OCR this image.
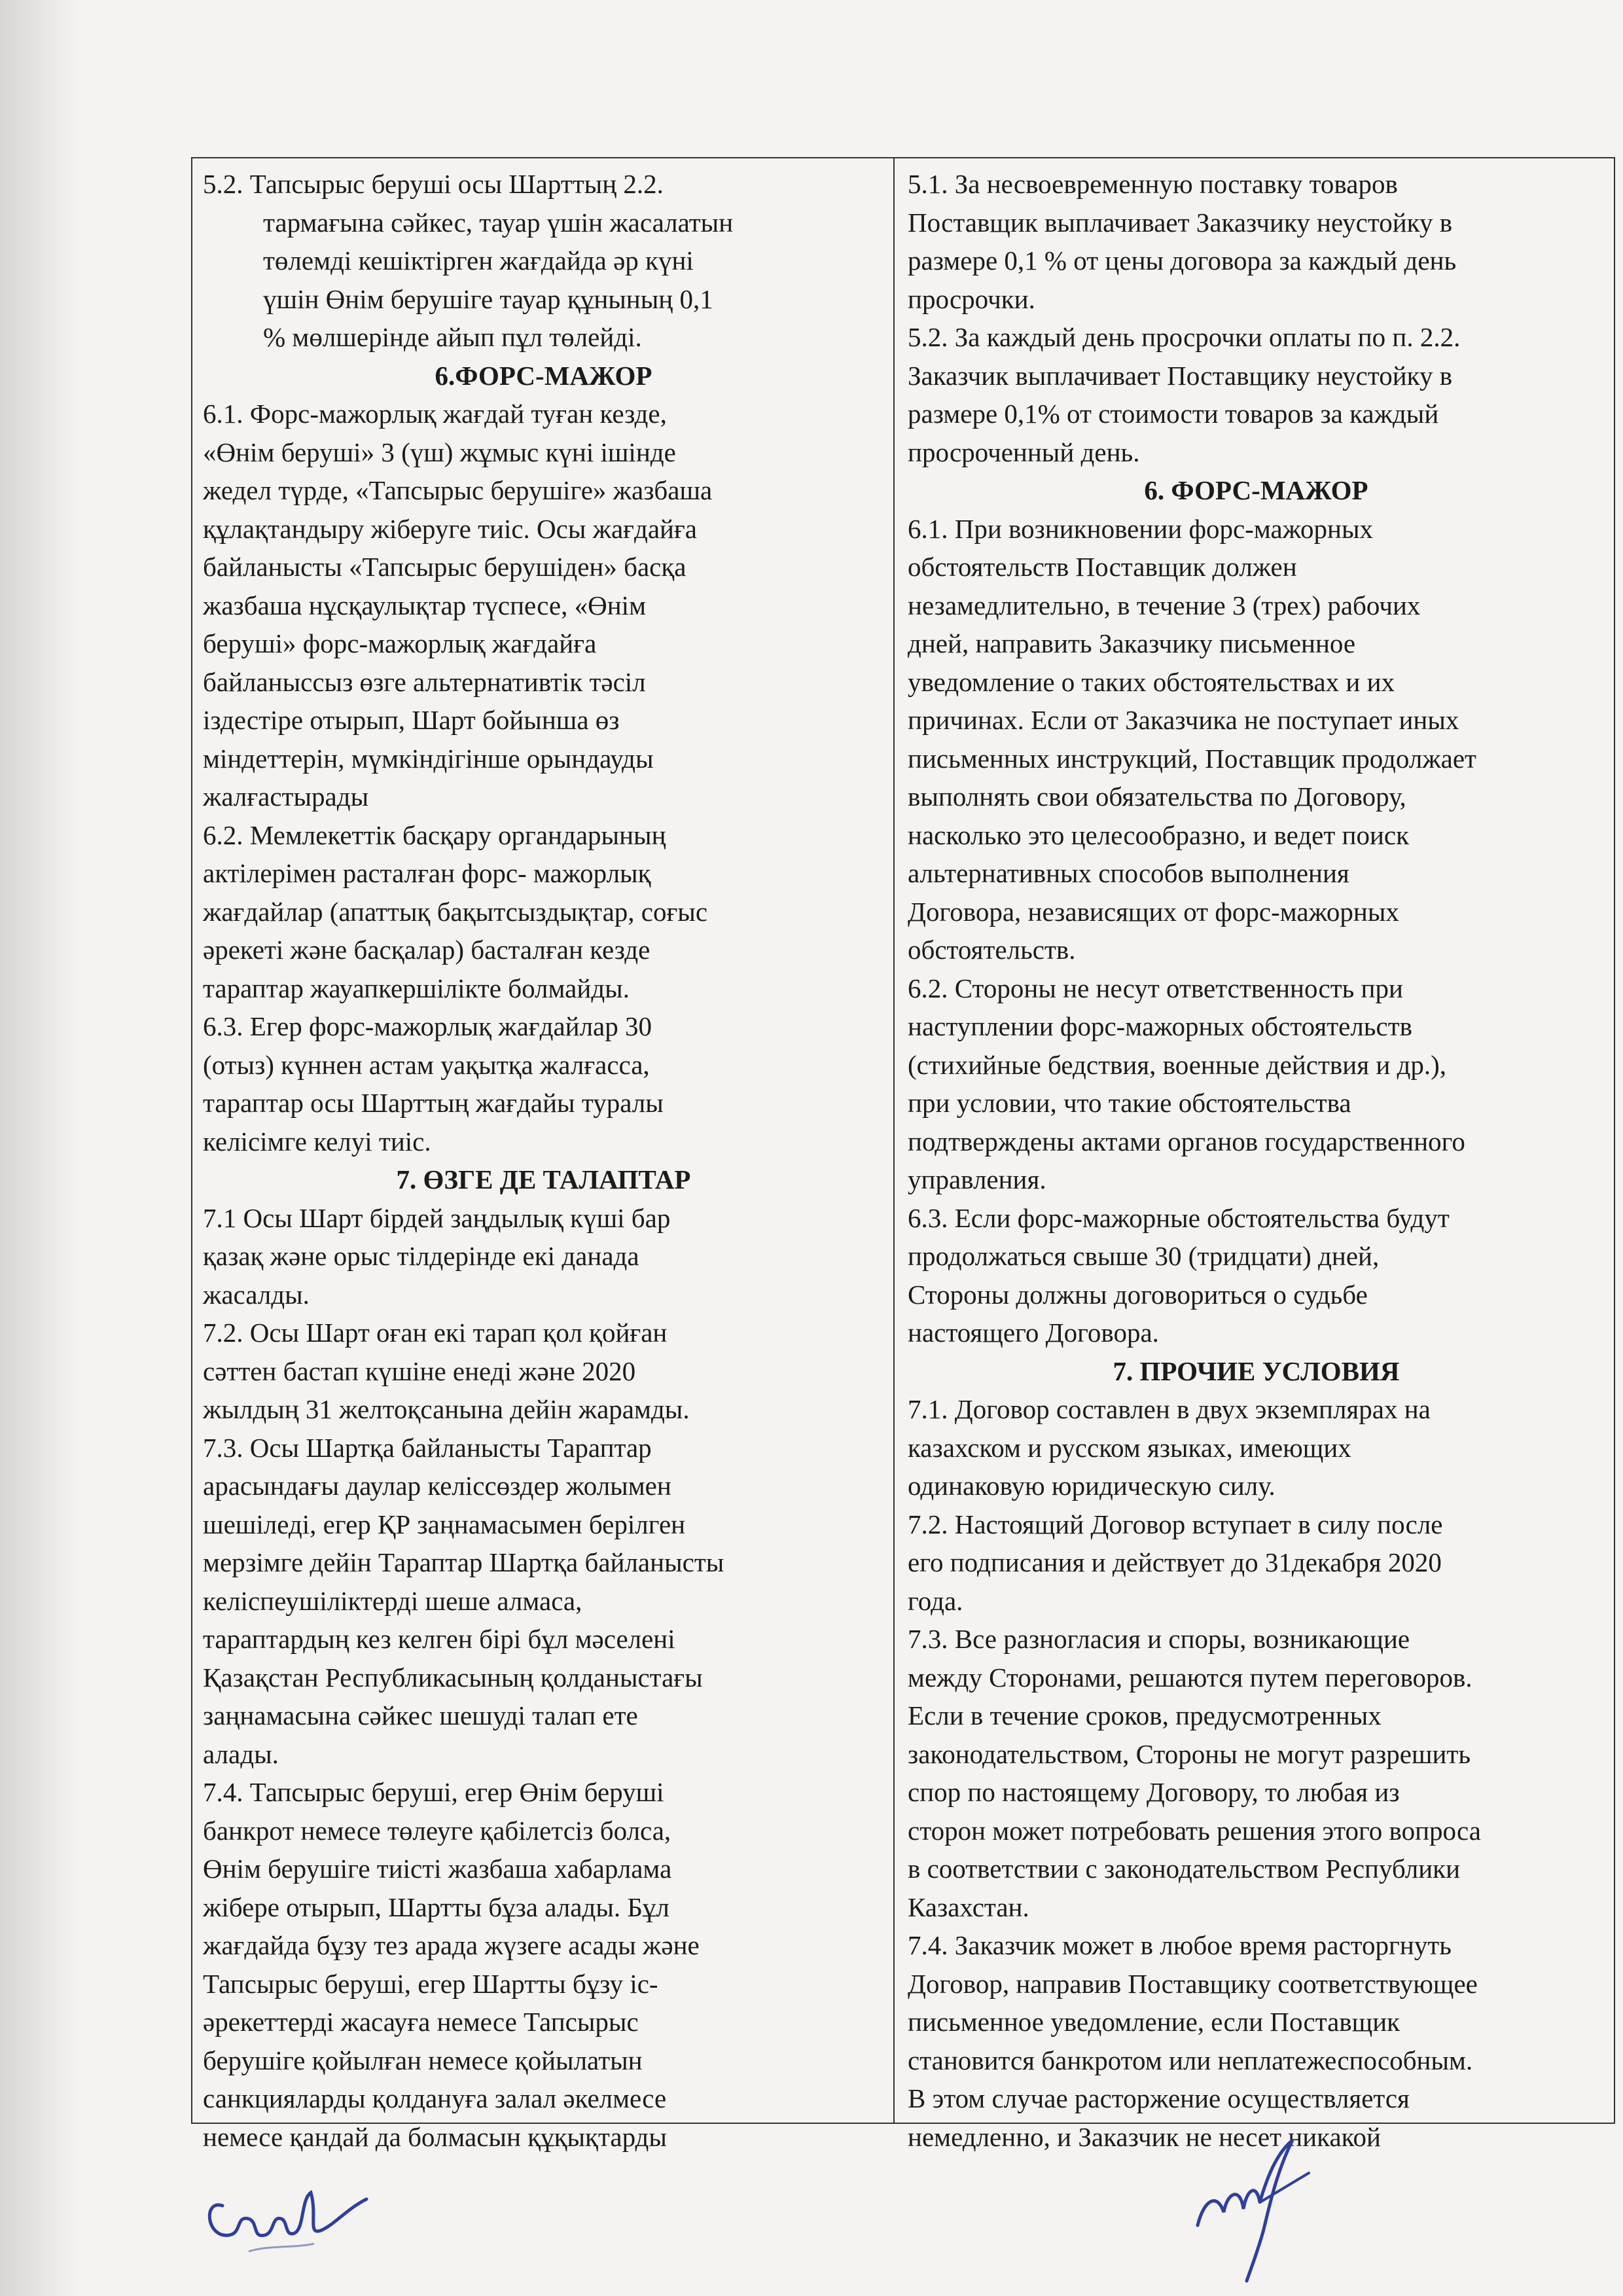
5.2. Тапсырыс беруші осы Шарттың 2.2.
тармағына сәйкес, тауар үшін жасалатын
төлемді кешіктірген жағдайда әр күні
үшін Өнім берушіге тауар құнының 0,1
% мөлшерінде айып пұл төлейді.

6.ФОРС-МАЖОР

6.1. Форс-мажорлық жағдай туған кезде,
«Өнім беруші» 3 (үш) жұмыс күні ішінде
жедел түрде, «Тапсырыс берушіге» жазбаша
құлақтандыру жіберуге тиіс. Осы жағдайға
байланысты «Тапсырыс берушіден» басқа
жазбаша нұсқаулықтар түспесе, «Өнім
беруші» форс-мажорлық жағдайға
байланыссыз өзге альтернативтік тәсіл
іздестіре отырып, Шарт бойынша өз
міндеттерін, мүмкіндігінше орындауды
жалғастырады

6.2. Мемлекеттік басқару органдарының
актілерімен расталған форс- мажорлық
жағдайлар (апаттық бақытсыздықтар, соғыс
әрекеті және басқалар) басталған кезде
тараптар жауапкершілікте болмайды.

6.3. Егер форс-мажорлық жағдайлар 30
(отыз) күннен астам уақытқа жалғасса,
тараптар осы Шарттың жағдайы туралы
келісімге келуі тиіс.

7. ӨЗГЕ ДЕ ТАЛАПТАР

7.1 Осы Шарт бірдей заңдылық күші бар
қазақ және орыс тілдерінде екі данада
жасалды.

7.2. Осы Шарт оған екі тарап қол қойған
сәттен бастап күшіне енеді және 2020
жылдың 31 желтоқсанына дейін жарамды.

7.3. Осы Шартқа байланысты Тараптар
арасындағы даулар келіссөздер жолымен
шешіледі, егер ҚР заңнамасымен берілген
мерзімге дейін Тараптар Шартқа байланысты
келіспеушіліктерді шеше алмаса,
тараптардың кез келген бірі бұл мәселені
Қазақстан Республикасының қолданыстағы
заңнамасына сәйкес шешуді талап ете
алады.

7.4. Тапсырыс беруші, егер Өнім беруші
банкрот немесе төлеуге қабілетсіз болса,
Өнім берушіге тиісті жазбаша хабарлама
жібере отырып, Шартты бұза алады. Бұл
жағдайда бұзу тез арада жүзеге асады және
Тапсырыс беруші, егер Шартты бұзу іс-
әрекеттерді жасауға немесе Тапсырыс
берушіге қойылған немесе қойылатын
санкцияларды қолдануға залал әкелмесе
немесе қандай да болмасын құқықтарды

5.1. За несвоевременную поставку товаров
Поставщик выплачивает Заказчику неустойку в
размере 0,1 % от цены договора за каждый день
просрочки.

5.2. За каждый день просрочки оплаты по п. 2.2.
Заказчик выплачивает Поставщику неустойку в
размере 0,1% от стоимости товаров за каждый
просроченный день.

6. ФОРС-МАЖОР

6.1. При возникновении форс-мажорных
обстоятельств Поставщик должен
незамедлительно, в течение 3 (трех) рабочих
дней, направить Заказчику письменное
уведомление о таких обстоятельствах и их
причинах. Если от Заказчика не поступает иных
письменных инструкций, Поставщик продолжает
выполнять свои обязательства по Договору,
насколько это целесообразно, и ведет поиск
альтернативных способов выполнения
Договора, независящих от форс-мажорных
обстоятельств.

6.2. Стороны не несут ответственность при
наступлении форс-мажорных обстоятельств
(стихийные бедствия, военные действия и др.),
при условии, что такие обстоятельства
подтверждены актами органов государственного
управления.

6.3. Если форс-мажорные обстоятельства будут
продолжаться свыше 30 (тридцати) дней,
Стороны должны договориться о судьбе
настоящего Договора.

7. ПРОЧИЕ УСЛОВИЯ

7.1. Договор составлен в двух экземплярах на
казахском и русском языках, имеющих
одинаковую юридическую силу.

7.2. Настоящий Договор вступает в силу после
его подписания и действует до 31декабря 2020
года.

7.3. Все разногласия и споры, возникающие
между Сторонами, решаются путем переговоров.
Если в течение сроков, предусмотренных
законодательством, Стороны не могут разрешить
спор по настоящему Договору, то любая из
сторон может потребовать решения этого вопроса
в соответствии с законодательством Республики
Казахстан.

7.4. Заказчик может в любое время расторгнуть
Договор, направив Поставщику соответствующее
письменное уведомление, если Поставщик
становится банкротом или неплатежеспособным.
В этом случае расторжение осуществляется
немедленно, и Заказчик не несет никакой
